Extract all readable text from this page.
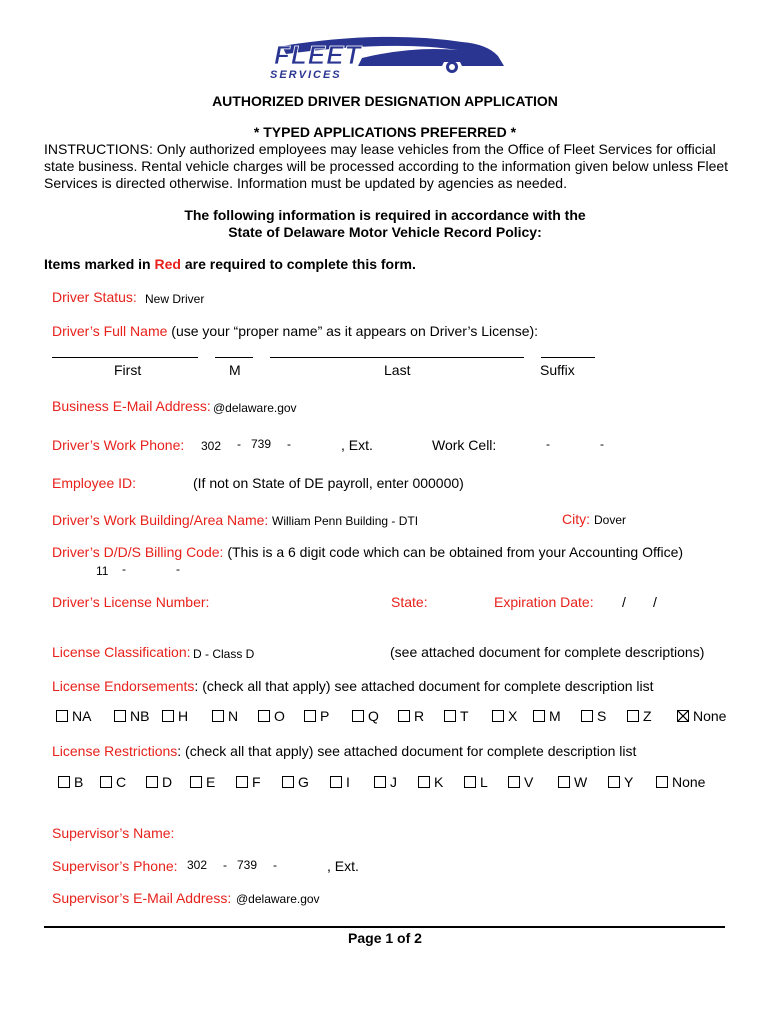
FLEET
SERVICES
AUTHORIZED DRIVER DESIGNATION APPLICATION
* TYPED APPLICATIONS PREFERRED *
INSTRUCTIONS: Only authorized employees may lease vehicles from the Office of Fleet Services for official
state business. Rental vehicle charges will be processed according to the information given below unless Fleet
Services is directed otherwise. Information must be updated by agencies as needed.
The following information is required in accordance with the
State of Delaware Motor Vehicle Record Policy:
Items marked in Red are required to complete this form.
Driver Status: New Driver
Driver’s Full Name (use your “proper name” as it appears on Driver’s License):
First	M	Last	Suffix
Business E-Mail Address: @delaware.gov
Driver’s Work Phone: 302 - 739 -	, Ext.	Work Cell:	-	-
Employee ID:	(If not on State of DE payroll, enter 000000)
Driver’s Work Building/Area Name: William Penn Building - DTI	City: Dover
Driver’s D/D/S Billing Code: (This is a 6 digit code which can be obtained from your Accounting Office)
11 -	-
Driver’s License Number:	State:	Expiration Date: / /
License Classification: D - Class D	(see attached document for complete descriptions)
License Endorsements: (check all that apply) see attached document for complete description list
NA	NB H	N	O	P	Q	R	T	X M	S	Z	None
License Restrictions: (check all that apply) see attached document for complete description list
B C	D E	F	G	I	J	K	L	V	W	Y	None
Supervisor’s Name:
Supervisor’s Phone: 302 - 739 -	, Ext.
Supervisor’s E-Mail Address: @delaware.gov
Page 1 of 2
